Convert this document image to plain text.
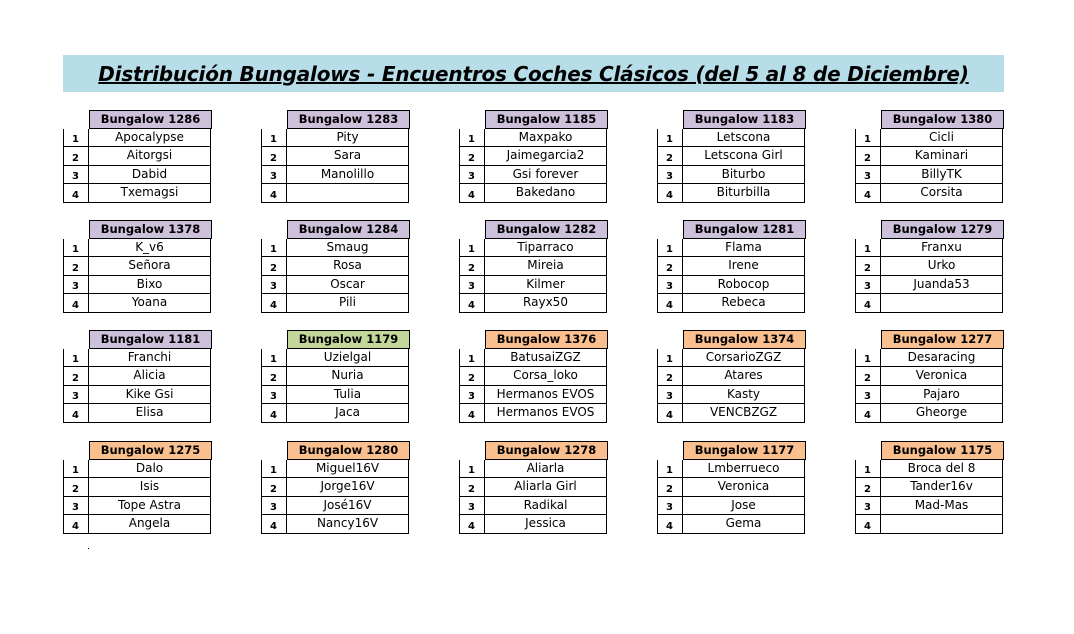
Distribución Bungalows - Encuentros Coches Clásicos (del 5 al 8 de Diciembre)
Bungalow 1286
1	Apocalypse
2	Aitorgsi
3	Dabid
4	Txemagsi
Bungalow 1283
1	Pity
2	Sara
3	Manolillo
4
Bungalow 1185
1	Maxpako
2	Jaimegarcia2
3	Gsi forever
4	Bakedano
Bungalow 1183
1	Letscona
2	Letscona Girl
3	Biturbo
4	Biturbilla
Bungalow 1380
1	Cicli
2	Kaminari
3	BillyTK
4	Corsita
Bungalow 1378
1	K_v6
2	Señora
3	Bixo
4	Yoana
Bungalow 1284
1	Smaug
2	Rosa
3	Oscar
4	Pili
Bungalow 1282
1	Tiparraco
2	Mireia
3	Kilmer
4	Rayx50
Bungalow 1281
1	Flama
2	Irene
3	Robocop
4	Rebeca
Bungalow 1279
1	Franxu
2	Urko
3	Juanda53
4
Bungalow 1181
1	Franchi
2	Alicia
3	Kike Gsi
4	Elisa
Bungalow 1179
1	Uzielgal
2	Nuria
3	Tulia
4	Jaca
Bungalow 1376
1	BatusaiZGZ
2	Corsa_loko
3	Hermanos EVOS
4	Hermanos EVOS
Bungalow 1374
1	CorsarioZGZ
2	Atares
3	Kasty
4	VENCBZGZ
Bungalow 1277
1	Desaracing
2	Veronica
3	Pajaro
4	Gheorge
Bungalow 1275
1	Dalo
2	Isis
3	Tope Astra
4	Angela
Bungalow 1280
1	Miguel16V
2	Jorge16V
3	José16V
4	Nancy16V
Bungalow 1278
1	Aliarla
2	Aliarla Girl
3	Radikal
4	Jessica
Bungalow 1177
1	Lmberrueco
2	Veronica
3	Jose
4	Gema
Bungalow 1175
1	Broca del 8
2	Tander16v
3	Mad-Mas
4
